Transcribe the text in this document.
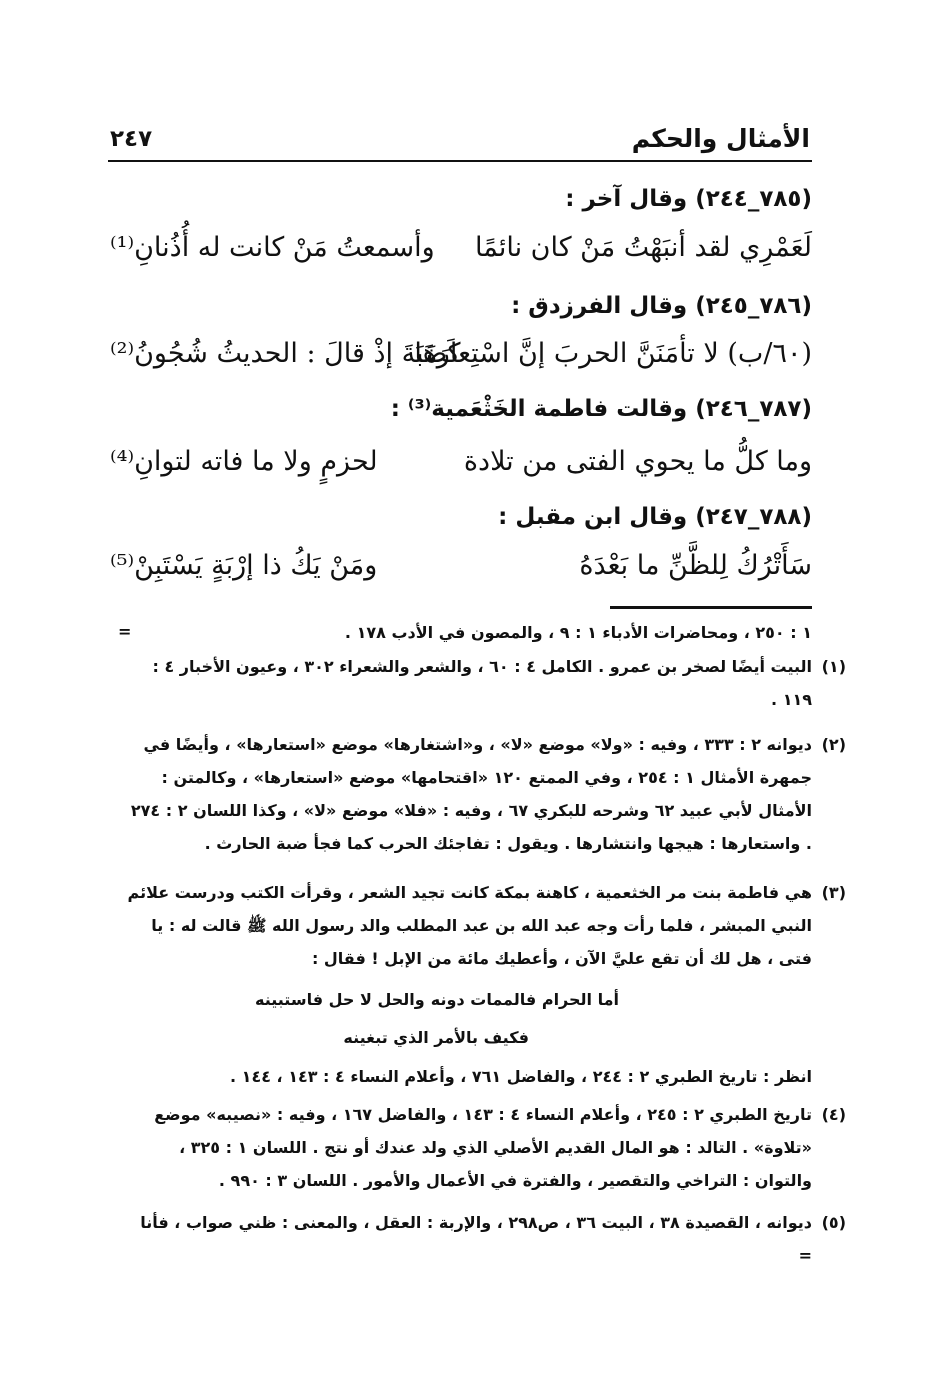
الأمثال والحكم
٢٤٧
(٧٨٥_٢٤٤) وقال آخر :
لَعَمْرِي لقد أنبَهْتُ مَنْ كان نائمًا
وأسمعتُ مَنْ كانت له أُذُنانِ⁽¹⁾
(٧٨٦_٢٤٥) وقال الفرزدق :
(٦٠/ب) لا تأمَنَنَّ الحربَ إنَّ اسْتِعارَهَا
كَضَبَةَ إذْ قالَ : الحديثُ شُجُونُ⁽²⁾
(٧٨٧_٢٤٦) وقالت فاطمة الخَثْعَمية⁽³⁾ :
وما كلُّ ما يحوي الفتى من تلادة
لحزمٍ ولا ما فاته لتوانِ⁽⁴⁾
(٧٨٨_٢٤٧) وقال ابن مقبل :
سَأَتْرُكُ لِلظَّنِّ ما بَعْدَهُ
ومَنْ يَكُ ذا إرْبَةٍ يَسْتَبِنْ⁽⁵⁾
=	١ : ٢٥٠ ، ومحاضرات الأدباء ١ : ٩ ، والمصون في الأدب ١٧٨ .
(١)
البيت أيضًا لصخر بن عمرو . الكامل ٤ : ٦٠ ، والشعر والشعراء ٣٠٢ ، وعيون الأخبار ٤ : ١١٩ .
(٢)
ديوانه ٢ : ٣٣٣ ، وفيه : «ولا» موضع «لا» ، و«اشتغارها» موضع «استعارها» ، وأيضًا في جمهرة الأمثال ١ : ٢٥٤ ، وفي الممتع ١٢٠ «اقتحامها» موضع «استعارها» ، وكالمتن : الأمثال لأبي عبيد ٦٢ وشرحه للبكري ٦٧ ، وفيه : «فلا» موضع «لا» ، وكذا اللسان ٢ : ٢٧٤ . واستعارها : هيجها وانتشارها . ويقول : تفاجئك الحرب كما فجأ ضبة الحارث .
(٣)
هي فاطمة بنت مر الخثعمية ، كاهنة بمكة كانت تجيد الشعر ، وقرأت الكتب ودرست علائم النبي المبشر ، فلما رأت وجه عبد الله بن عبد المطلب والد رسول الله ﷺ قالت له : يا فتى ، هل لك أن تقع عليَّ الآن ، وأعطيك مائة من الإبل ! فقال :
أما الحرام فالممات دونه
والحل لا حل فاستبينه
فكيف بالأمر الذي تبغينه
انظر : تاريخ الطبري ٢ : ٢٤٤ ، والفاضل ٧٦١ ، وأعلام النساء ٤ : ١٤٣ ، ١٤٤ .
(٤)
تاريخ الطبري ٢ : ٢٤٥ ، وأعلام النساء ٤ : ١٤٣ ، والفاضل ١٦٧ ، وفيه : «نصيبه» موضع «تلاوة» . التالد : هو المال القديم الأصلي الذي ولد عندك أو نتج . اللسان ١ : ٣٢٥ ، والتوان : التراخي والتقصير ، والفترة في الأعمال والأمور . اللسان ٣ : ٩٩٠ .
(٥)
ديوانه ، القصيدة ٣٨ ، البيت ٣٦ ، ص٢٩٨ ، والإربة : العقل ، والمعنى : ظني صواب ، فأنا =
